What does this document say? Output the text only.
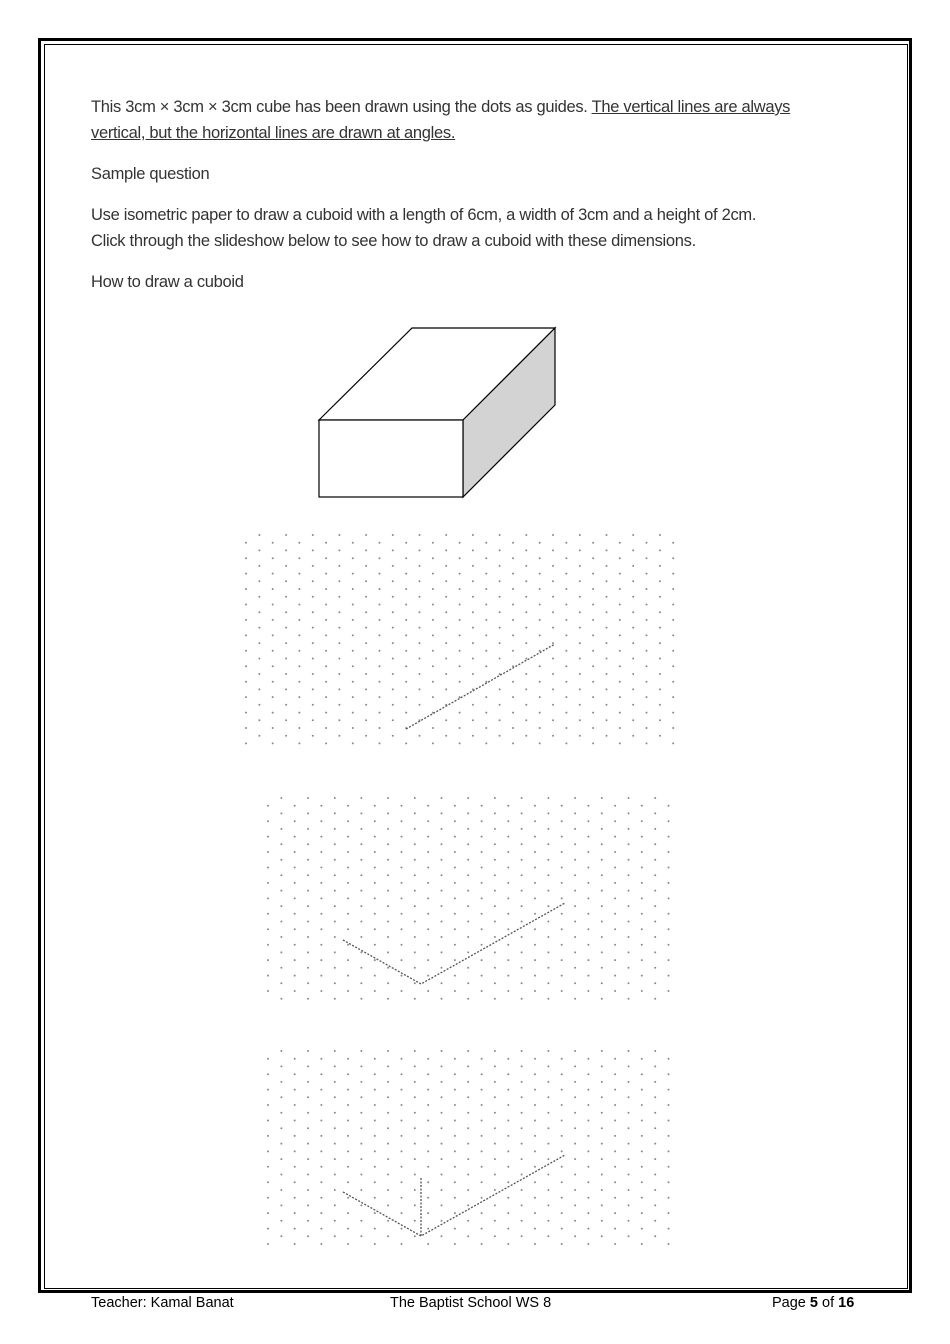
This 3cm × 3cm × 3cm cube has been drawn using the dots as guides. The vertical lines are always vertical, but the horizontal lines are drawn at angles.
Sample question
Use isometric paper to draw a cuboid with a length of 6cm, a width of 3cm and a height of 2cm.
Click through the slideshow below to see how to draw a cuboid with these dimensions.
How to draw a cuboid
Teacher: Kamal Banat	The Baptist School WS 8	Page 5 of 16
